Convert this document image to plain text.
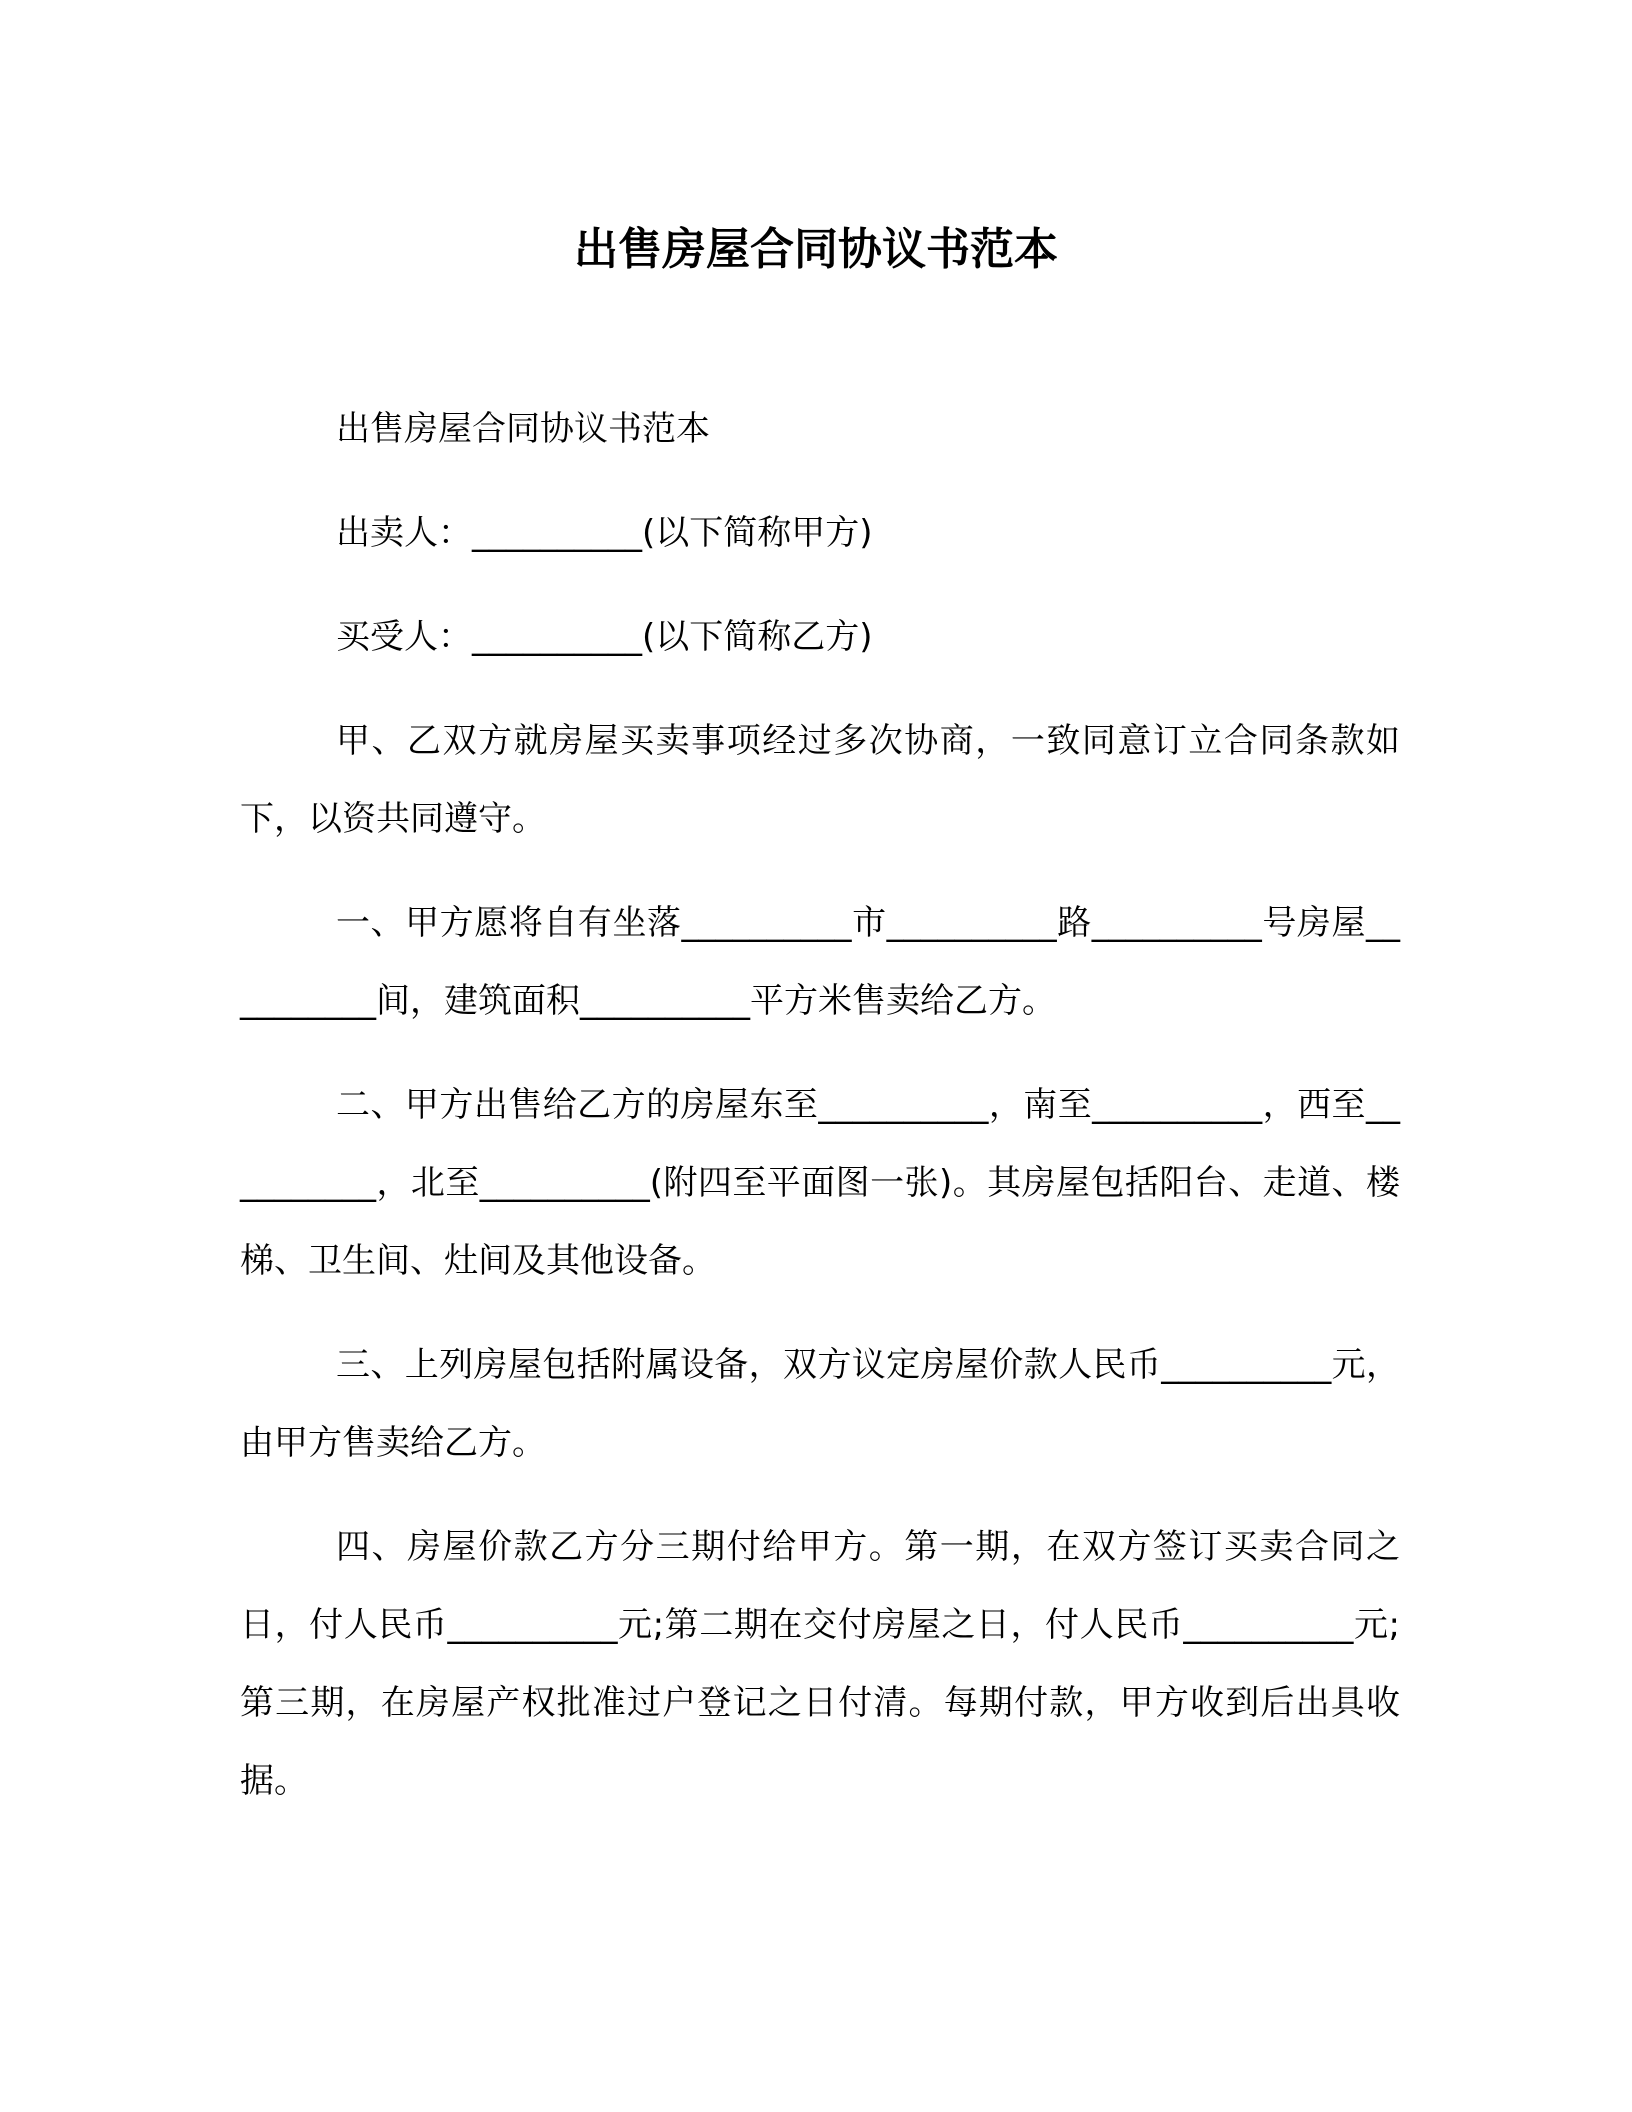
出售房屋合同协议书范本

出售房屋合同协议书范本

出卖人：__________(以下简称甲方)

买受人：__________(以下简称乙方)

甲、乙双方就房屋买卖事项经过多次协商，一致同意订立合同条款如下，以资共同遵守。

一、甲方愿将自有坐落__________市__________路__________号房屋__________间，建筑面积__________平方米售卖给乙方。

二、甲方出售给乙方的房屋东至__________，南至__________，西至__________，北至__________(附四至平面图一张)。其房屋包括阳台、走道、楼梯、卫生间、灶间及其他设备。

三、上列房屋包括附属设备，双方议定房屋价款人民币__________元，由甲方售卖给乙方。

四、房屋价款乙方分三期付给甲方。第一期，在双方签订买卖合同之日，付人民币__________元;第二期在交付房屋之日，付人民币__________元;第三期，在房屋产权批准过户登记之日付清。每期付款，甲方收到后出具收据。
